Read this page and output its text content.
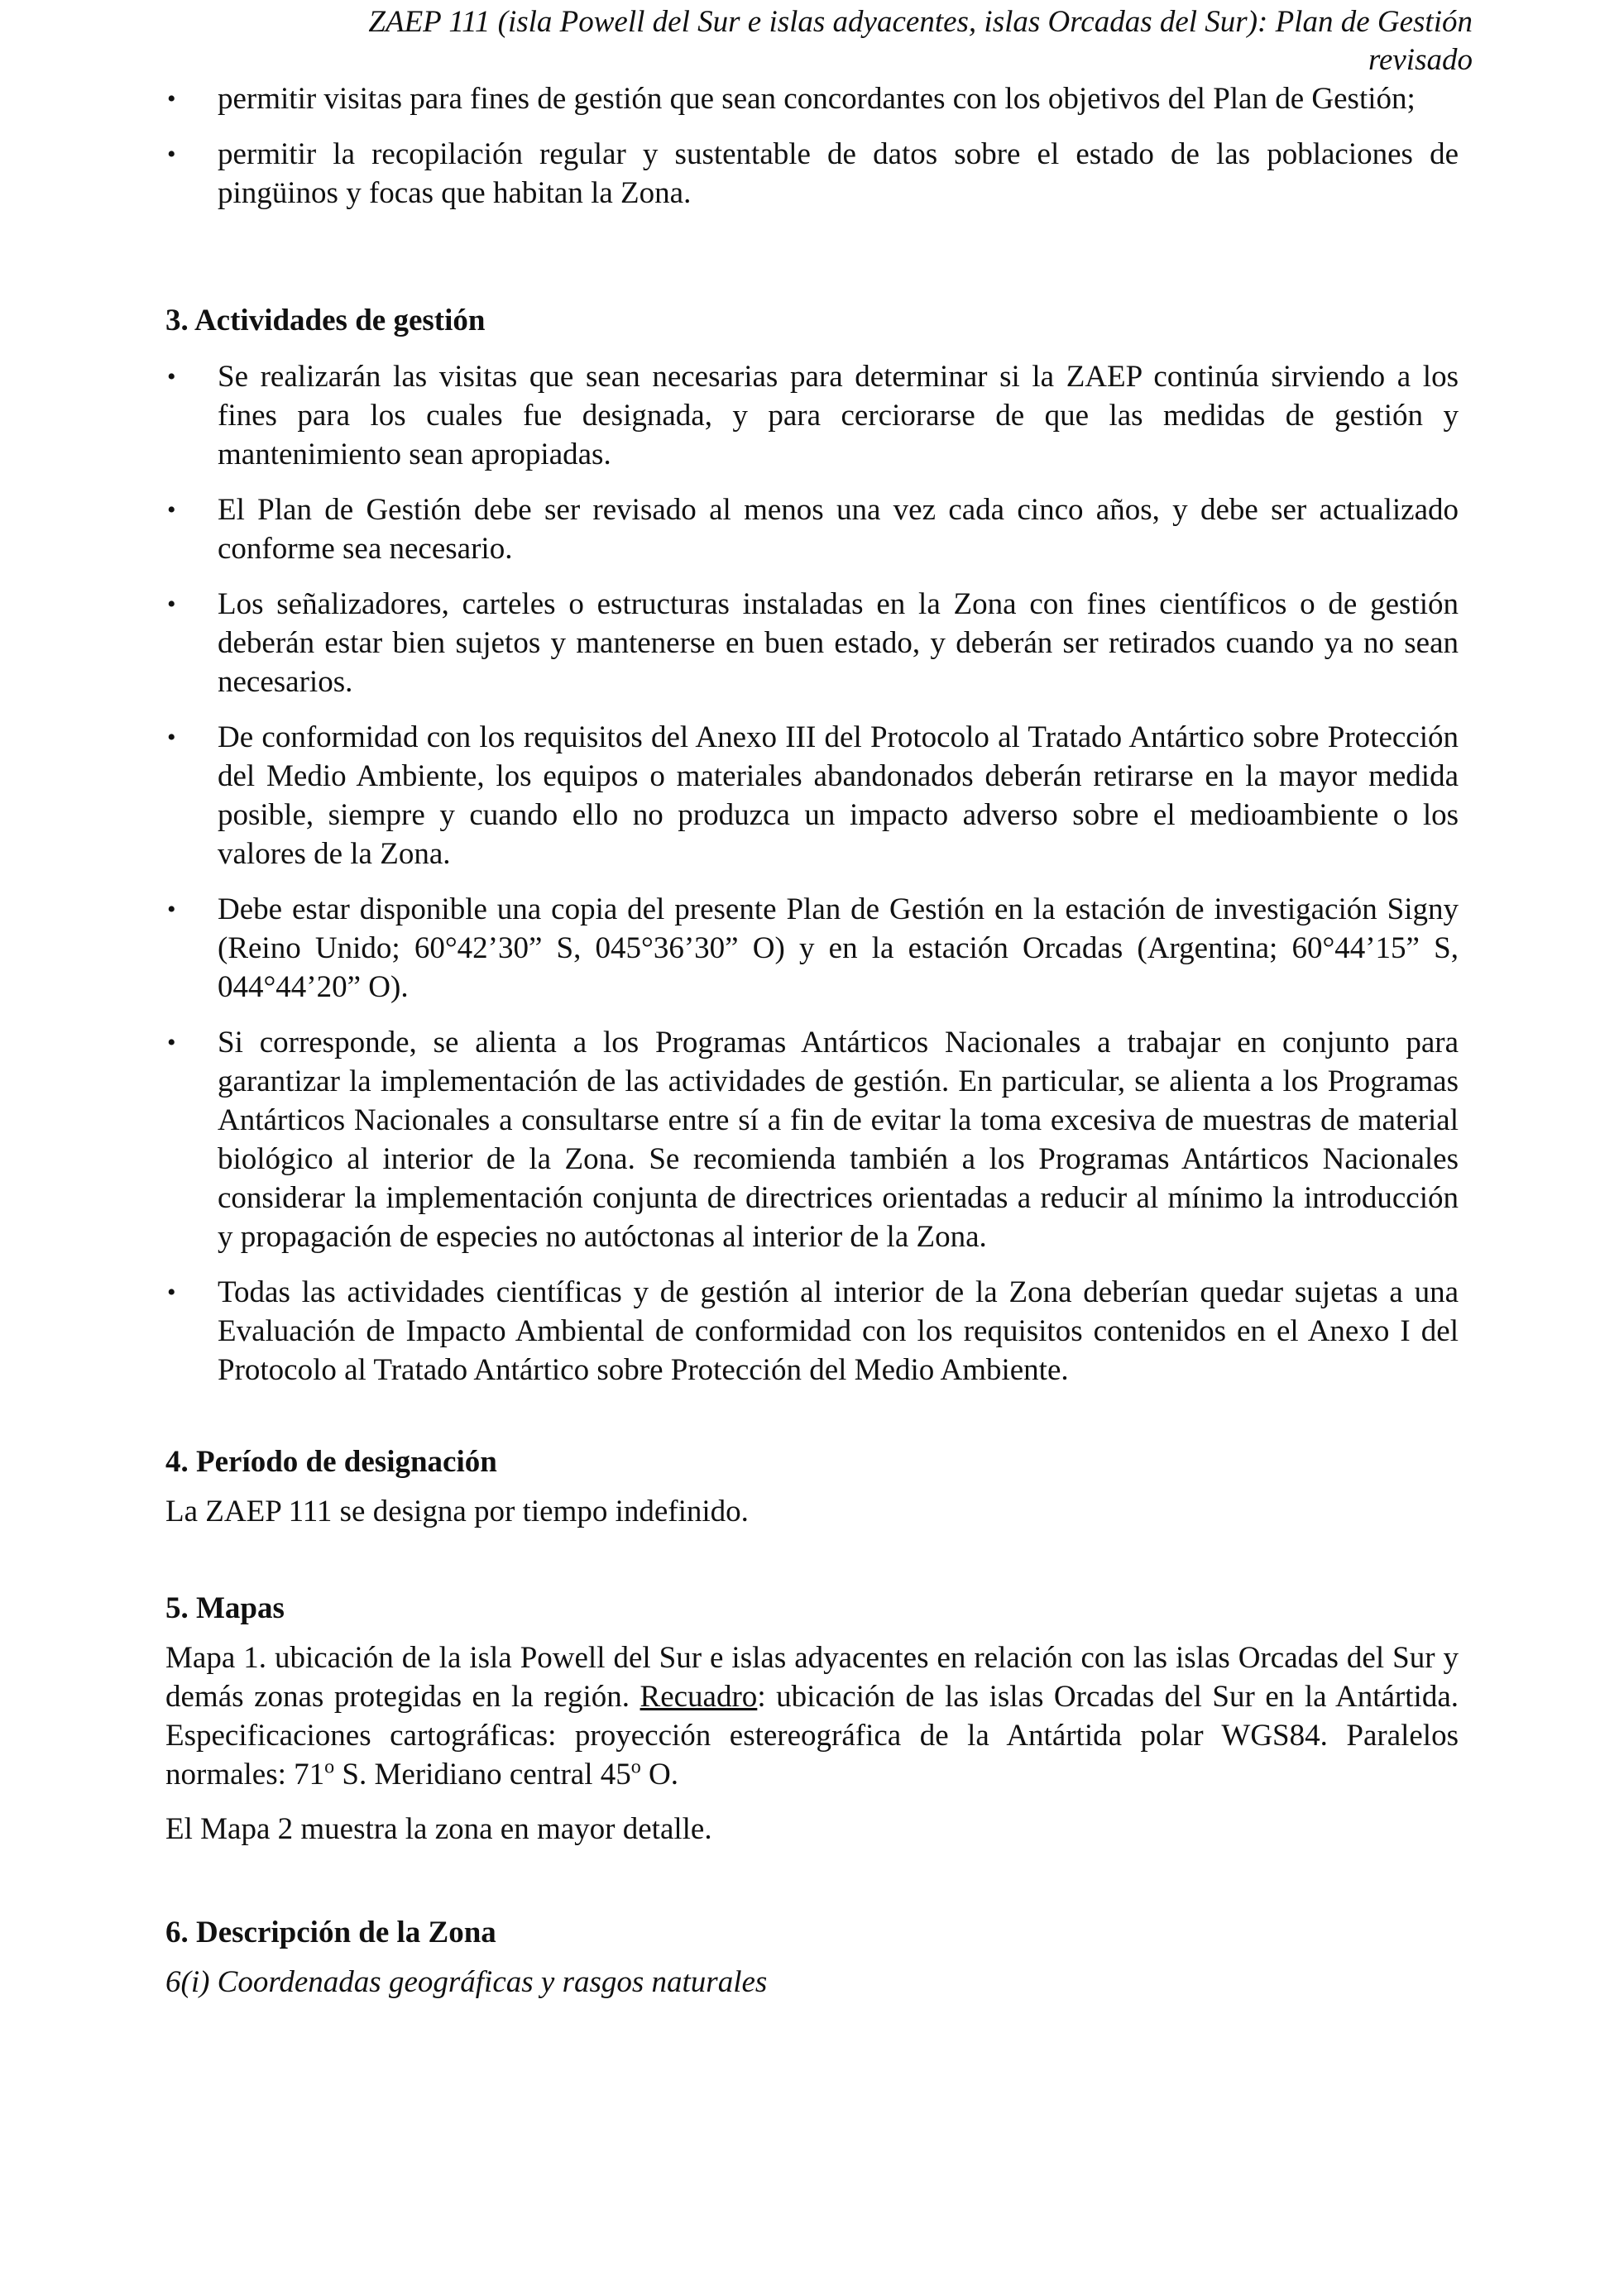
ZAEP 111 (isla Powell del Sur e islas adyacentes, islas Orcadas del Sur): Plan de Gestión
revisado
• permitir visitas para fines de gestión que sean concordantes con los objetivos del Plan de Gestión;
• permitir la recopilación regular y sustentable de datos sobre el estado de las poblaciones de pingüinos y focas que habitan la Zona.
3. Actividades de gestión
• Se realizarán las visitas que sean necesarias para determinar si la ZAEP continúa sirviendo a los fines para los cuales fue designada, y para cerciorarse de que las medidas de gestión y mantenimiento sean apropiadas.
• El Plan de Gestión debe ser revisado al menos una vez cada cinco años, y debe ser actualizado conforme sea necesario.
• Los señalizadores, carteles o estructuras instaladas en la Zona con fines científicos o de gestión deberán estar bien sujetos y mantenerse en buen estado, y deberán ser retirados cuando ya no sean necesarios.
• De conformidad con los requisitos del Anexo III del Protocolo al Tratado Antártico sobre Protección del Medio Ambiente, los equipos o materiales abandonados deberán retirarse en la mayor medida posible, siempre y cuando ello no produzca un impacto adverso sobre el medioambiente o los valores de la Zona.
• Debe estar disponible una copia del presente Plan de Gestión en la estación de investigación Signy (Reino Unido; 60°42’30” S, 045°36’30” O) y en la estación Orcadas (Argentina; 60°44’15” S, 044°44’20” O).
• Si corresponde, se alienta a los Programas Antárticos Nacionales a trabajar en conjunto para garantizar la implementación de las actividades de gestión. En particular, se alienta a los Programas Antárticos Nacionales a consultarse entre sí a fin de evitar la toma excesiva de muestras de material biológico al interior de la Zona. Se recomienda también a los Programas Antárticos Nacionales considerar la implementación conjunta de directrices orientadas a reducir al mínimo la introducción y propagación de especies no autóctonas al interior de la Zona.
• Todas las actividades científicas y de gestión al interior de la Zona deberían quedar sujetas a una Evaluación de Impacto Ambiental de conformidad con los requisitos contenidos en el Anexo I del Protocolo al Tratado Antártico sobre Protección del Medio Ambiente.
4. Período de designación

La ZAEP 111 se designa por tiempo indefinido.

5. Mapas

Mapa 1. ubicación de la isla Powell del Sur e islas adyacentes en relación con las islas Orcadas del Sur y demás zonas protegidas en la región. Recuadro: ubicación de las islas Orcadas del Sur en la Antártida. Especificaciones cartográficas: proyección estereográfica de la Antártida polar WGS84. Paralelos normales: 71$^o$ S. Meridiano central 45$^o$ O.

El Mapa 2 muestra la zona en mayor detalle.

6. Descripción de la Zona

6(i) Coordenadas geográficas y rasgos naturales
